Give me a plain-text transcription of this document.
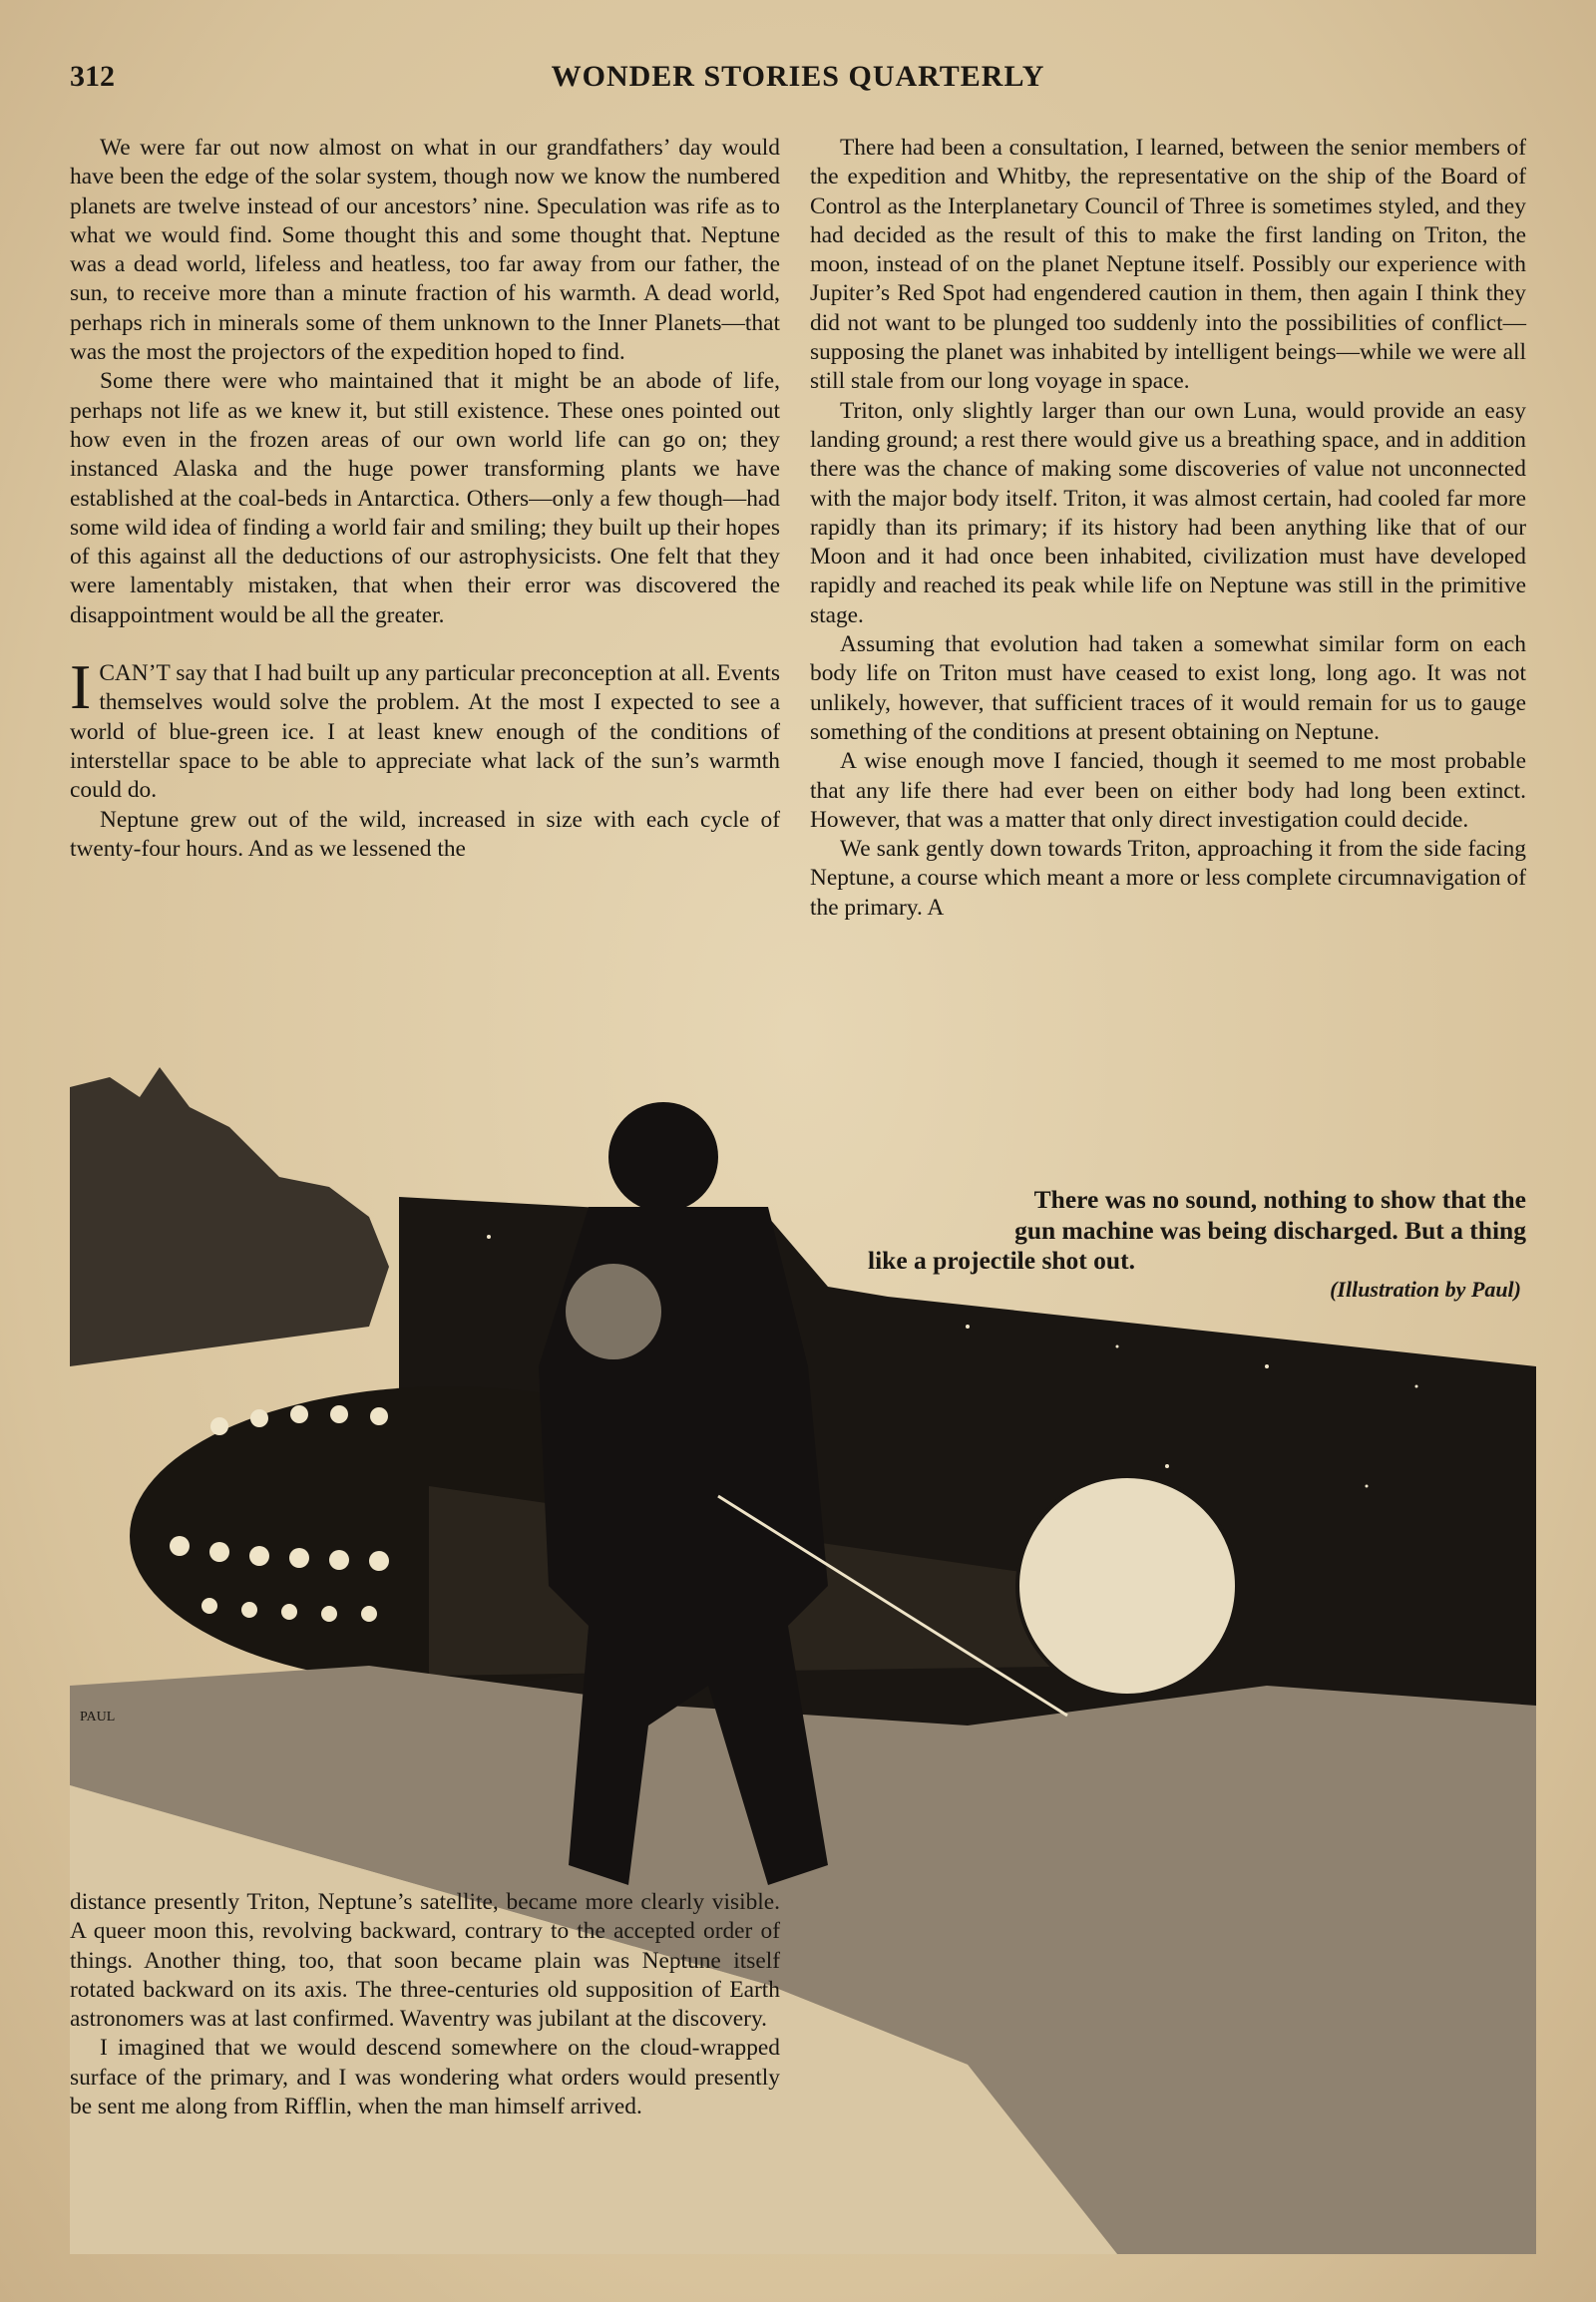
WONDER STORIES QUARTERLY
312

We were far out now almost on what in our grandfathers’ day would have been the edge of the solar system, though now we know the numbered planets are twelve instead of our ancestors’ nine. Speculation was rife as to what we would find. Some thought this and some thought that. Neptune was a dead world, lifeless and heatless, too far away from our father, the sun, to receive more than a minute fraction of his warmth. A dead world, perhaps rich in minerals some of them unknown to the Inner Planets—that was the most the projectors of the expedition hoped to find.

Some there were who maintained that it might be an abode of life, perhaps not life as we knew it, but still existence. These ones pointed out how even in the frozen areas of our own world life can go on; they instanced Alaska and the huge power transforming plants we have established at the coal-beds in Antarctica. Others—only a few though—had some wild idea of finding a world fair and smiling; they built up their hopes of this against all the deductions of our astrophysicists. One felt that they were lamentably mistaken, that when their error was discovered the disappointment would be all the greater.

I CAN’T say that I had built up any particular preconception at all. Events themselves would solve the problem. At the most I expected to see a world of blue-green ice. I at least knew enough of the conditions of interstellar space to be able to appreciate what lack of the sun’s warmth could do.

Neptune grew out of the wild, increased in size with each cycle of twenty-four hours. And as we lessened the

There had been a consultation, I learned, between the senior members of the expedition and Whitby, the representative on the ship of the Board of Control as the Interplanetary Council of Three is sometimes styled, and they had decided as the result of this to make the first landing on Triton, the moon, instead of on the planet Neptune itself. Possibly our experience with Jupiter’s Red Spot had engendered caution in them, then again I think they did not want to be plunged too suddenly into the possibilities of conflict—supposing the planet was inhabited by intelligent beings—while we were all still stale from our long voyage in space.

Triton, only slightly larger than our own Luna, would provide an easy landing ground; a rest there would give us a breathing space, and in addition there was the chance of making some discoveries of value not unconnected with the major body itself. Triton, it was almost certain, had cooled far more rapidly than its primary; if its history had been anything like that of our Moon and it had once been inhabited, civilization must have developed rapidly and reached its peak while life on Neptune was still in the primitive stage.

Assuming that evolution had taken a somewhat similar form on each body life on Triton must have ceased to exist long, long ago. It was not unlikely, however, that sufficient traces of it would remain for us to gauge something of the conditions at present obtaining on Neptune.

A wise enough move I fancied, though it seemed to me most probable that any life there had ever been on either body had long been extinct. However, that was a matter that only direct investigation could decide.

We sank gently down towards Triton, approaching it from the side facing Neptune, a course which meant a more or less complete circumnavigation of the primary. A

PAUL
There was no sound, nothing to show that the
gun machine was being discharged. But a thing
like a projectile shot out.
(Illustration by Paul)

distance presently Triton, Neptune’s satellite, became more clearly visible. A queer moon this, revolving backward, contrary to the accepted order of things. Another thing, too, that soon became plain was Neptune itself rotated backward on its axis. The three-centuries old supposition of Earth astronomers was at last confirmed. Waventry was jubilant at the discovery.

I imagined that we would descend somewhere on the cloud-wrapped surface of the primary, and I was wondering what orders would presently be sent me along from Rifflin, when the man himself arrived.
